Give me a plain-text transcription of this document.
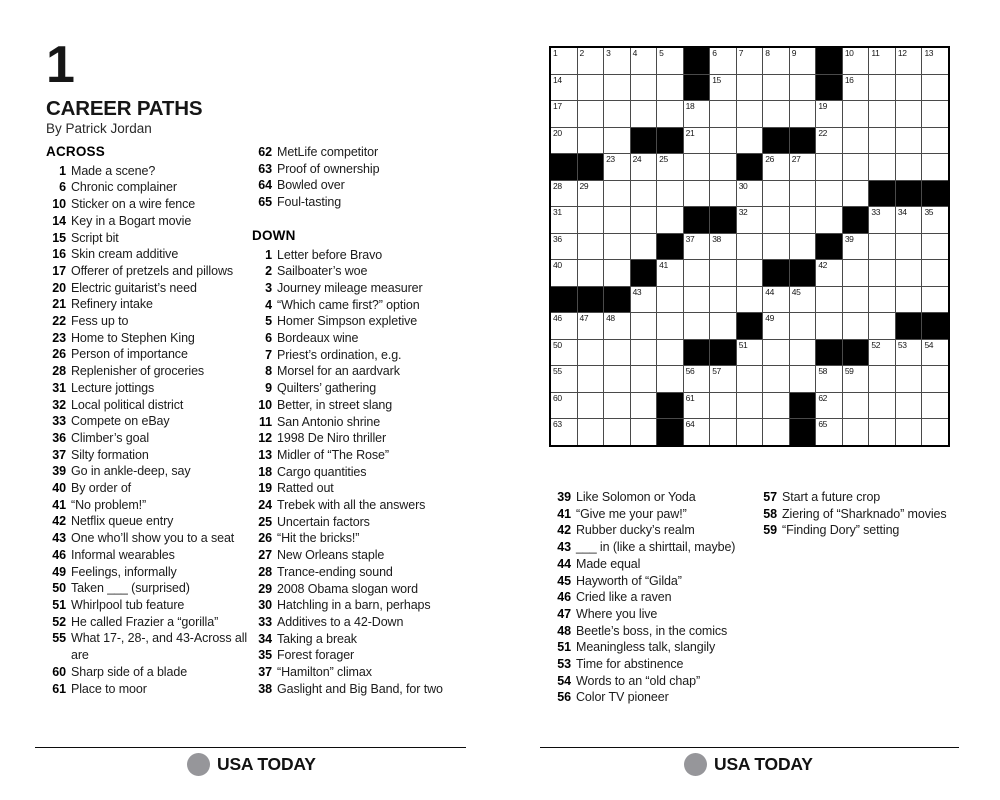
1
CAREER PATHS
By Patrick Jordan
ACROSS
1 Made a scene?
6 Chronic complainer
10 Sticker on a wire fence
14 Key in a Bogart movie
15 Script bit
16 Skin cream additive
17 Offerer of pretzels and pillows
20 Electric guitarist’s need
21 Refinery intake
22 Fess up to
23 Home to Stephen King
26 Person of importance
28 Replenisher of groceries
31 Lecture jottings
32 Local political district
33 Compete on eBay
36 Climber’s goal
37 Silty formation
39 Go in ankle-deep, say
40 By order of
41 “No problem!”
42 Netflix queue entry
43 One who’ll show you to a seat
46 Informal wearables
49 Feelings, informally
50 Taken ___ (surprised)
51 Whirlpool tub feature
52 He called Frazier a “gorilla”
55 What 17-, 28-, and 43-Across all are
60 Sharp side of a blade
61 Place to moor
62 MetLife competitor
63 Proof of ownership
64 Bowled over
65 Foul-tasting
DOWN
1 Letter before Bravo
2 Sailboater’s woe
3 Journey mileage measurer
4 “Which came first?” option
5 Homer Simpson expletive
6 Bordeaux wine
7 Priest’s ordination, e.g.
8 Morsel for an aardvark
9 Quilters’ gathering
10 Better, in street slang
11 San Antonio shrine
12 1998 De Niro thriller
13 Midler of “The Rose”
18 Cargo quantities
19 Ratted out
24 Trebek with all the answers
25 Uncertain factors
26 “Hit the bricks!”
27 New Orleans staple
28 Trance-ending sound
29 2008 Obama slogan word
30 Hatchling in a barn, perhaps
33 Additives to a 42-Down
34 Taking a break
35 Forest forager
37 “Hamilton” climax
38 Gaslight and Big Band, for two
1	2	3	4	5	6	7	8	9	10 11 12 13
14	15	16
17	18	19
20	21	22
23 24 25	26 27
28 29	30
31	32	33 34 35
36	37 38	39
40	41	42
43	44 45
46 47 48	49
50	51	52 53 54
55	56 57	58 59
60	61	62
63	64	65
39 Like Solomon or Yoda
41 “Give me your paw!”
42 Rubber ducky’s realm
43 ___ in (like a shirttail, maybe)
44 Made equal
45 Hayworth of “Gilda”
46 Cried like a raven
47 Where you live
48 Beetle’s boss, in the comics
51 Meaningless talk, slangily
53 Time for abstinence
54 Words to an “old chap”
56 Color TV pioneer
57 Start a future crop
58 Ziering of “Sharknado” movies
59 “Finding Dory” setting
USA TODAY	USA TODAY
